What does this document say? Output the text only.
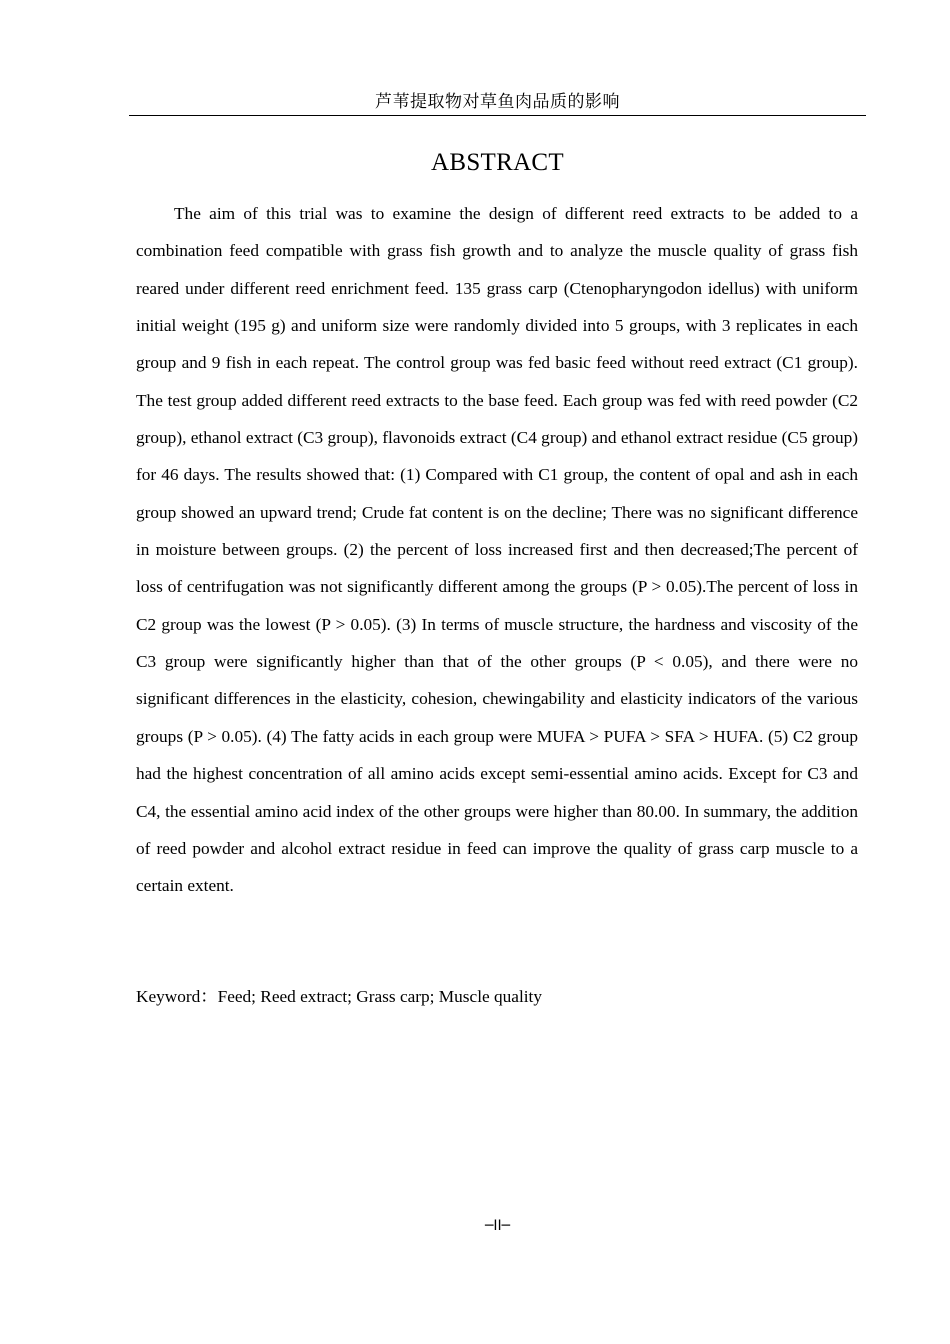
芦苇提取物对草鱼肉品质的影响
ABSTRACT

The aim of this trial was to examine the design of different reed extracts to be added to a combination feed compatible with grass fish growth and to analyze the muscle quality of grass fish reared under different reed enrichment feed. 135 grass carp (Ctenopharyngodon idellus) with uniform initial weight (195 g) and uniform size were randomly divided into 5 groups, with 3 replicates in each group and 9 fish in each repeat. The control group was fed basic feed without reed extract (C1 group). The test group added different reed extracts to the base feed. Each group was fed with reed powder (C2 group), ethanol extract (C3 group), flavonoids extract (C4 group) and ethanol extract residue (C5 group) for 46 days. The results showed that: (1) Compared with C1 group, the content of opal and ash in each group showed an upward trend; Crude fat content is on the decline; There was no significant difference in moisture between groups. (2) the percent of loss increased first and then decreased;The percent of loss of centrifugation was not significantly different among the groups (P > 0.05).The percent of loss in C2 group was the lowest (P > 0.05). (3) In terms of muscle structure, the hardness and viscosity of the C3 group were significantly higher than that of the other groups (P < 0.05), and there were no significant differences in the elasticity, cohesion, chewingability and elasticity indicators of the various groups (P > 0.05). (4) The fatty acids in each group were MUFA > PUFA > SFA > HUFA. (5) C2 group had the highest concentration of all amino acids except semi-essential amino acids. Except for C3 and C4, the essential amino acid index of the other groups were higher than 80.00. In summary, the addition of reed powder and alcohol extract residue in feed can improve the quality of grass carp muscle to a certain extent.

Keyword：Feed; Reed extract; Grass carp; Muscle quality

─II─
